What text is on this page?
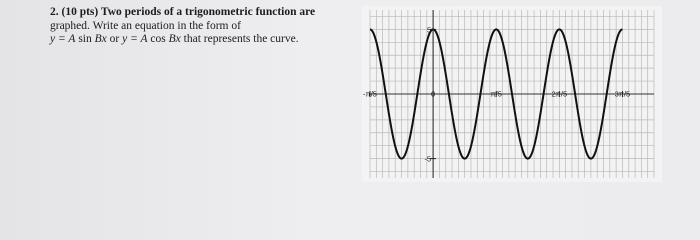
2. (10 pts) Two periods of a trigonometric function are
graphed. Write an equation in the form of
y = A sin Bx or y = A cos Bx that represents the curve.
-π/5	0	π/5	2π/5	3π/5
5
-5
